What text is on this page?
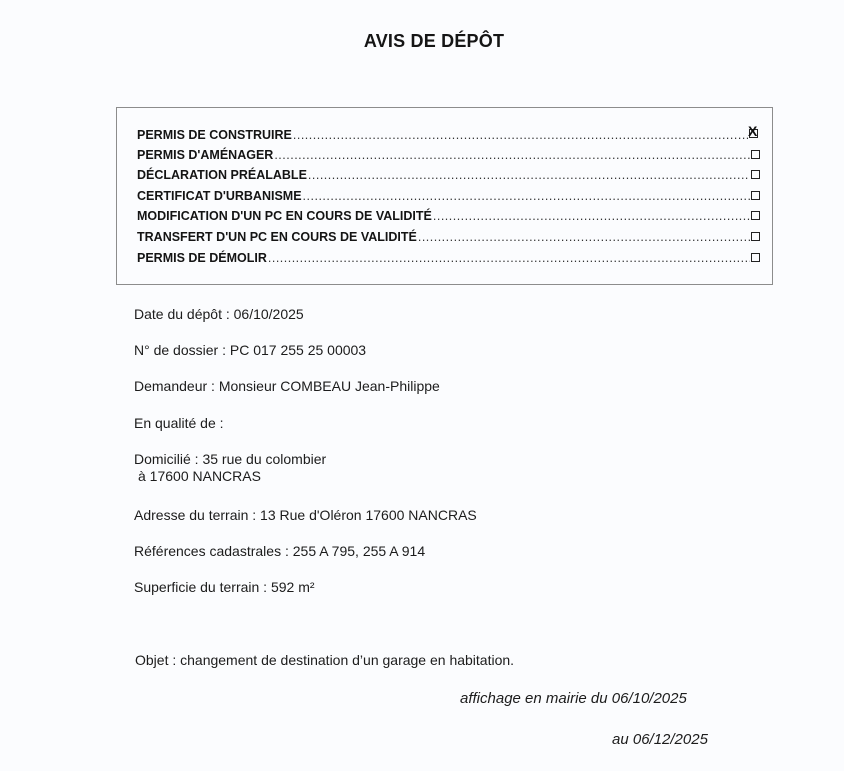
AVIS DE DÉPÔT
PERMIS DE CONSTRUIRE
.....	X
PERMIS D'AMÉNAGER
.....
DÉCLARATION PRÉALABLE
.....
CERTIFICAT D'URBANISME
.....
MODIFICATION D'UN PC EN COURS DE VALIDITÉ
.....
TRANSFERT D'UN PC EN COURS DE VALIDITÉ
.....
PERMIS DE DÉMOLIR
.....
Date du dépôt : 06/10/2025
N° de dossier : PC 017 255 25 00003
Demandeur : Monsieur COMBEAU Jean-Philippe
En qualité de :
Domicilié : 35 rue du colombier
à 17600 NANCRAS
Adresse du terrain : 13 Rue d'Oléron 17600 NANCRAS
Références cadastrales : 255 A 795, 255 A 914
Superficie du terrain : 592 m²
Objet : changement de destination d’un garage en habitation.
affichage en mairie du 06/10/2025
au 06/12/2025
